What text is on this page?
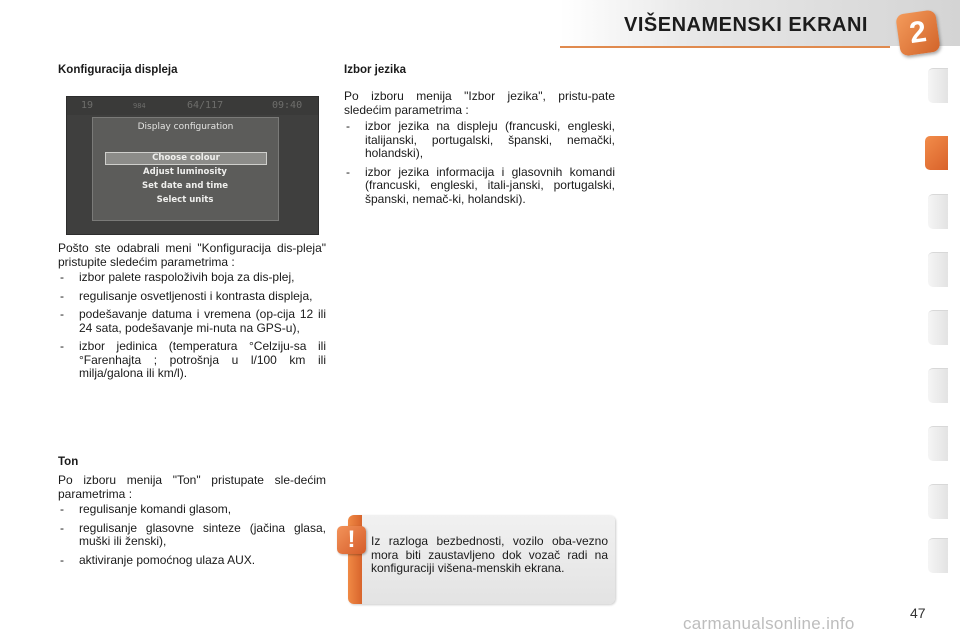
VIŠENAMENSKI EKRANI	2
Konfiguracija displeja
19	984	64/117	09:40
Display configuration
Choose colour
Adjust luminosity
Set date and time
Select units

Pošto ste odabrali meni "Konfiguracija dis-pleja" pristupite sledećim parametrima :

- izbor palete raspoloživih boja za dis-plej,
- regulisanje osvetljenosti i kontrasta displeja,
- podešavanje datuma i vremena (op-cija 12 ili 24 sata, podešavanje mi-nuta na GPS-u),
- izbor jedinica (temperatura °Celziju-sa ili °Farenhajta ; potrošnja u l/100 km ili milja/galona ili km/l).
Ton

Po izboru menija "Ton" pristupate sle-dećim parametrima :

- regulisanje komandi glasom,
- regulisanje glasovne sinteze (jačina glasa, muški ili ženski),
- aktiviranje pomoćnog ulaza AUX.
Izbor jezika

Po izboru menija "Izbor jezika", pristu-pate sledećim parametrima :

- izbor jezika na displeju (francuski, engleski, italijanski, portugalski, španski, nemački, holandski),
- izbor jezika informacija i glasovnih komandi (francuski, engleski, itali-janski, portugalski, španski, nemač-ki, holandski).
!	Iz razloga bezbednosti, vozilo oba-vezno mora biti zaustavljeno dok vozač radi na konfiguraciji višena-menskih ekrana.
47
carmanualsonline.info
